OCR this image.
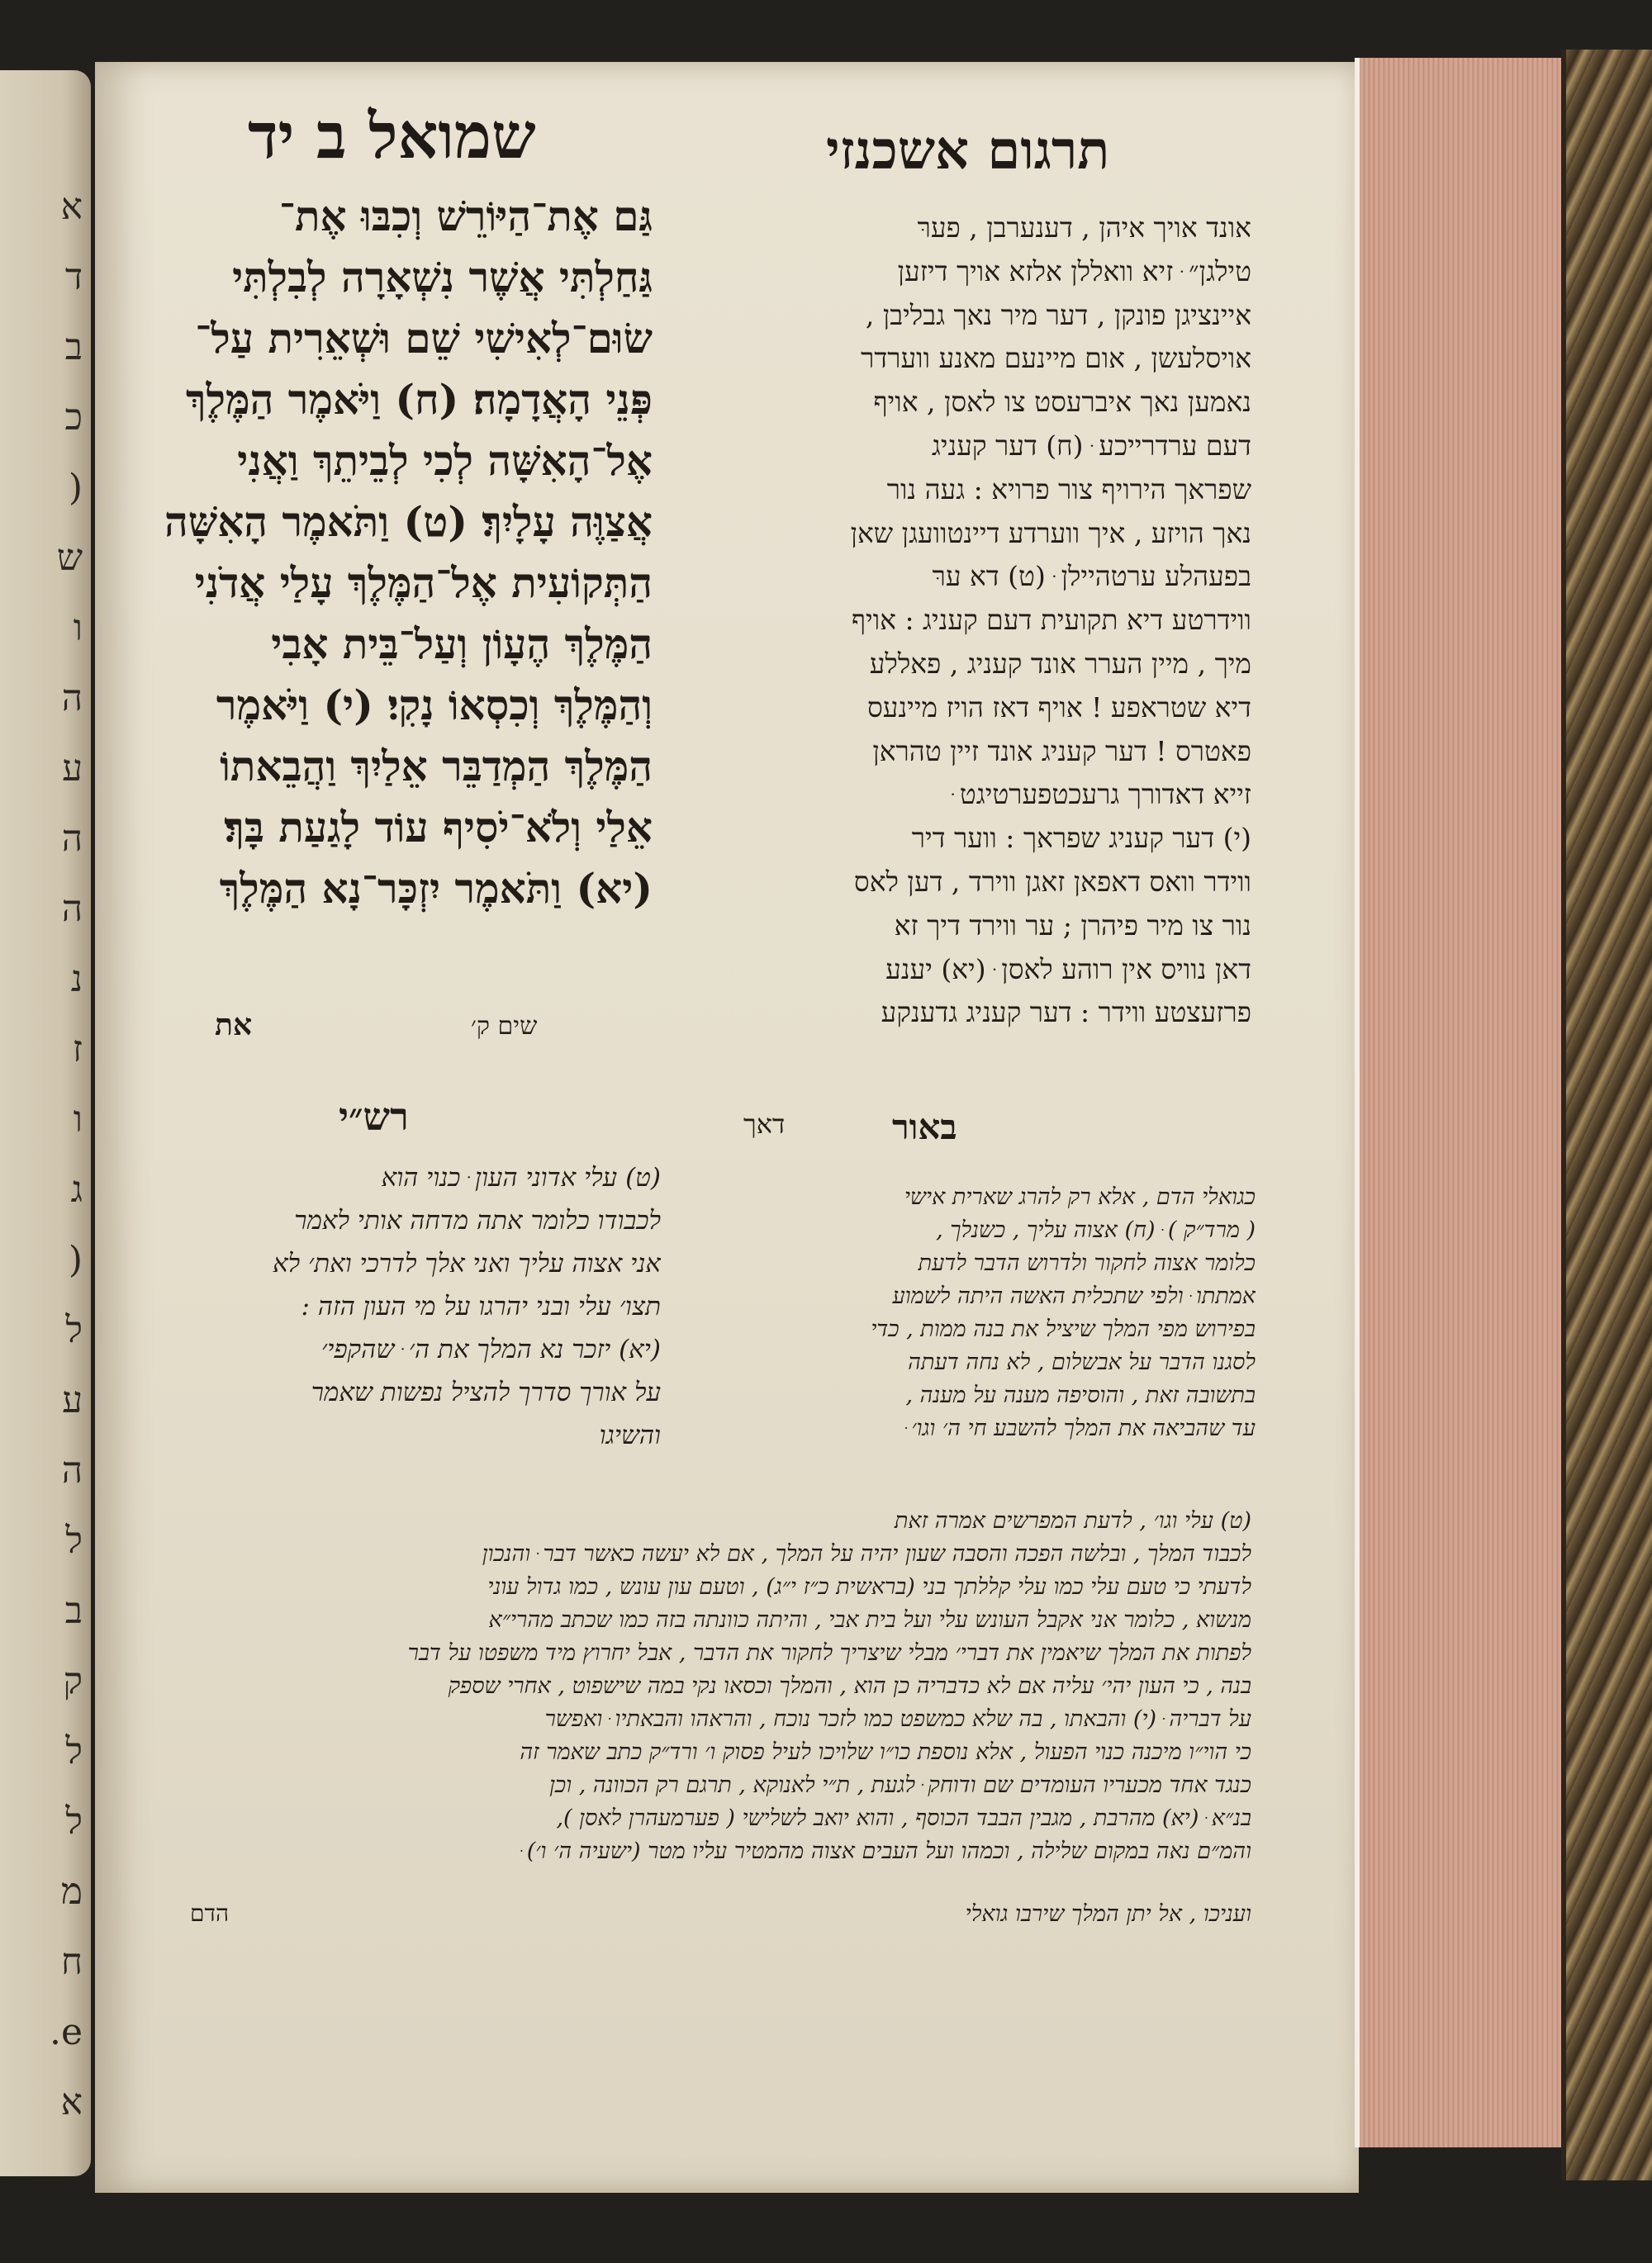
א
ד
ב
כ
(
ש
ו
ה
ע
ה
ה
נ
ז
ו
ג
(
ל
ע
ה
ל
ב
ק
ל
ל
מ
ח
e.
א
תרגום אשכנזי
שמואל ב יד
אונד אויך איהן , דענערבן , פערּ
טילגן״ ּ זיא וואללן אלזא אויך דיזען
איינציגן פונקן , דער מיר נאך גבליבן ,
אויסלעשן , אום מיינעם מאנע ווערדר
נאמען נאך איברעסט צו לאסן , אויף
דעם ערדרייכע ּ (ח) דער קעניג
שפראך הירויף צור פרויא : געה נור
נאך הויזע , איך ווערדע דיינטוועגן שאן
בפעהלע ערטהיילן ּ (ט) דא ערּ
ווידרטע דיא תקועית דעם קעניג : אויף
מיך , מיין הערר אונד קעניג , פאללע
דיא שטראפע ! אויף דאז הויז מיינעס
פאטרס ! דער קעניג אונד זיין טהראן
זייא דאדורך גרעכטפערטיגט ּ
(י) דער קעניג שפראך : ווער דיר
ווידר וואס דאפאן זאגן ווירד , דען לאס
נור צו מיר פיהרן ; ער ווירד דיך זא
דאן נוויס אין רוהע לאסן ּ (יא) יענע
פרזעצטע ווידר : דער קעניג גדענקע
גַּם אֶת־הַיּוֹרֵשׁ וְכִבּוּ אֶת־
גַּחַלְתִּי אֲשֶׁר נִשְׁאָרָה לְבִלְתִּי
שׂוּם־לְאִישִׁי שֵׁם וּשְׁאֵרִית עַל־
פְּנֵי הָאֲדָמָה׃ (ח) וַיֹּאמֶר הַמֶּלֶךְ
אֶל־הָאִשָּׁה לְכִי לְבֵיתֵךְ וַאֲנִי
אֲצַוֶּה עָלָיִךְ׃ (ט) וַתֹּאמֶר הָאִשָּׁה
הַתְּקוֹעִית אֶל־הַמֶּלֶךְ עָלַי אֲדֹנִי
הַמֶּלֶךְ הֶעָוֹן וְעַל־בֵּית אָבִי
וְהַמֶּלֶךְ וְכִסְאוֹ נָקִי׃ (י) וַיֹּאמֶר
הַמֶּלֶךְ הַמְדַבֵּר אֵלַיִךְ וַהֲבֵאתוֹ
אֵלַי וְלֹא־יֹסִיף עוֹד לָגַעַת בָּךְ׃
(יא) וַתֹּאמֶר יִזְכָּר־נָא הַמֶּלֶךְ
שים ק׳
את
רש״י
(ט) עלי אדוני העון ּ כנוי הוא
לכבודו כלומר אתה מדחה אותי לאמר
אני אצוה עליך ואני אלך לדרכי ואת׳ לא
תצו׳ עלי ובני יהרגו על מי העון הזה :
(יא) יזכר נא המלך את ה׳ ּ שהקפי׳
על אורך סדרך להציל נפשות שאמר
והשיגו
באור
דאך
כגואלי הדם , אלא רק להרג שארית אישי
( מרד״ק ) ּ (ח) אצוה עליך , כשנלך ,
כלומר אצוה לחקור ולדרוש הדבר לדעת
אמתתו ּ ולפי שתכלית האשה היתה לשמוע
בפירוש מפי המלך שיציל את בנה ממות , כדי
לסגנו הדבר על אבשלום , לא נחה דעתה
בתשובה זאת , והוסיפה מענה על מענה ,
עד שהביאה את המלך להשבע חי ה׳ וגו׳ ּ
(ט) עלי וגו׳ , לדעת המפרשים אמרה זאת
לכבוד המלך , ובלשה הפכה והסבה שעון יהיה על המלך , אם לא יעשה כאשר דבר ּ והנכון
לדעתי כי טעם עלי כמו עלי קללתך בני (בראשית כ״ז י״ג) , וטעם עון עונש , כמו גדול עוני
מנשוא , כלומר אני אקבל העונש עלי ועל בית אבי , והיתה כוונתה בזה כמו שכתב מהרי״א
לפתות את המלך שיאמין את דברי׳ מבלי שיצריך לחקור את הדבר , אבל יחרוץ מיד משפטו על דבר
בנה , כי העון יהי׳ עליה אם לא כדבריה כן הוא , והמלך וכסאו נקי במה שישפוט , אחרי שספק
על דבריה ּ (י) והבאתו , בה שלא כמשפט כמו לזכר נוכח , והראהו והבאתיו ּ ואפשר
כי הוי״ו מיכנה כנוי הפעול , אלא נוספת כו״ו שלויכו לעיל פסוק ו׳ ורד״ק כתב שאמר זה
כנגד אחד מכעריו העומדים שם ודוחק ּ לגעת , ת״י לאנוקא , תרגם רק הכוונה , וכן
בנ״א ּ (יא) מהרבת , מגבין הבבד הכוסף , והוא יואב לשלישי ( פערמעהרן לאסן ),
והמ״ם נאה במקום שלילה , וכמהו ועל העבים אצוה מהמטיר עליו מטר (ישעיה ה׳ ו׳) ּ
ועניכו , אל יתן המלך שירבו גואלי
הדם
